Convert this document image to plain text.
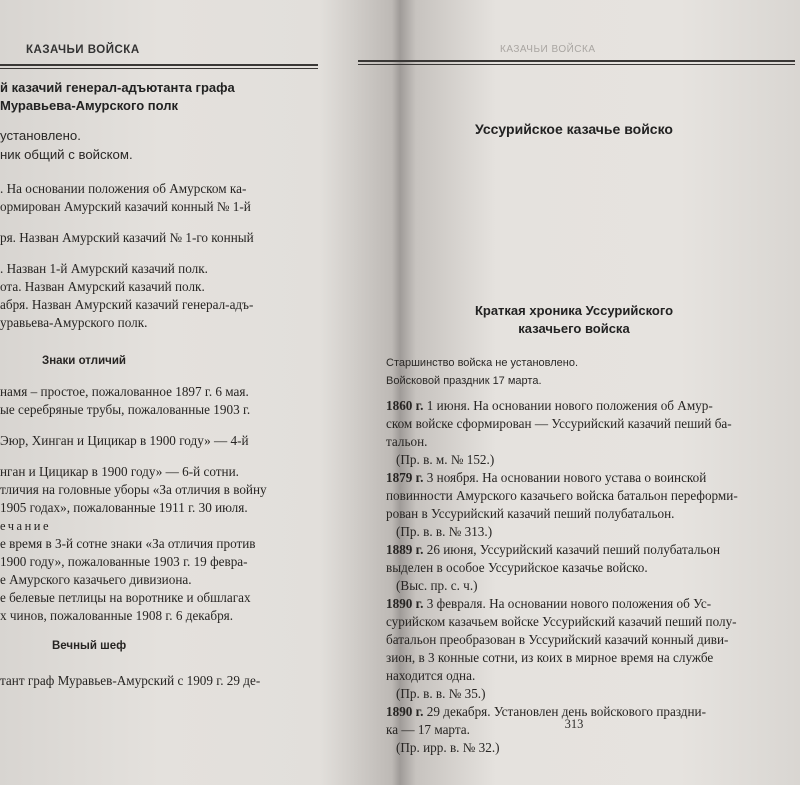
КАЗАЧЬИ ВОЙСКА
й казачий генерал-адъютанта графа
Муравьева-Амурского полк
установлено.
ник общий с войском.
. На основании положения об Амурском ка-
ормирован Амурский казачий конный № 1-й
ря. Назван Амурский казачий № 1-го конный
. Назван 1-й Амурский казачий полк.
ота. Назван Амурский казачий полк.
абря. Назван Амурский казачий генерал-адъ-
уравьева-Амурского полк.
Знаки отличий
намя – простое, пожалованное 1897 г. 6 мая.
ые серебряные трубы, пожалованные 1903 г.
Эюр, Хинган и Цицикар в 1900 году» — 4-й
нган и Цицикар в 1900 году» — 6-й сотни.
тличия на головные уборы «За отличия в войну
1905 годах», пожалованные 1911 г. 30 июля.
ечание
е время в 3-й сотне знаки «За отличия против
1900 году», пожалованные 1903 г. 19 февра-
е Амурского казачьего дивизиона.
е белевые петлицы на воротнике и обшлагах
х чинов, пожалованные 1908 г. 6 декабря.
Вечный шеф
тант граф Муравьев-Амурский с 1909 г. 29 де-
КАЗАЧЬИ ВОЙСКА
Уссурийское казачье войско
Краткая хроника Уссурийского
казачьего войска
Старшинство войска не установлено.
Войсковой праздник 17 марта.
1860 г. 1 июня. На основании нового положения об Амур-
ском войске сформирован — Уссурийский казачий пеший ба-
тальон.
(Пр. в. м. № 152.)
1879 г. 3 ноября. На основании нового устава о воинской
повинности Амурского казачьего войска батальон переформи-
рован в Уссурийский казачий пеший полубатальон.
(Пр. в. в. № 313.)
1889 г. 26 июня, Уссурийский казачий пеший полубатальон
выделен в особое Уссурийское казачье войско.
(Выс. пр. с. ч.)
1890 г. 3 февраля. На основании нового положения об Ус-
сурийском казачьем войске Уссурийский казачий пеший полу-
батальон преобразован в Уссурийский казачий конный диви-
зион, в 3 конные сотни, из коих в мирное время на службе
находится одна.
(Пр. в. в. № 35.)
1890 г. 29 декабря. Установлен день войскового праздни-
ка — 17 марта.
(Пр. ирр. в. № 32.)
313
